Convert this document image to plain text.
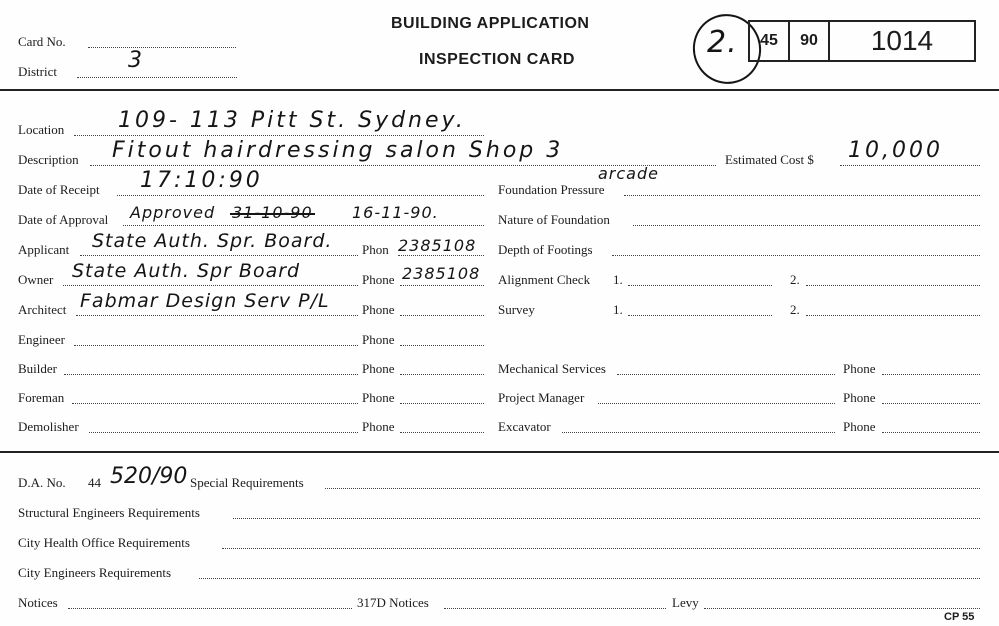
Card No.
District	3
BUILDING APPLICATION
INSPECTION CARD	2. 45 90 1014
Location 109- 113 Pitt St. Sydney.
Description Fitout hairdressing salon Shop 3
arcade
Estimated Cost $ 10,000
Date of Receipt 17:10:90
Date of Approval Approved 31-10-90 16-11-90.
Applicant State Auth. Spr. Board. Phon 2385108
Owner State Auth. Spr Board	Phone 2385108
Architect Fabmar Design Serv P/L Phone
Engineer	Phone
Builder	Phone
Foreman	Phone
Demolisher	Phone
Foundation Pressure
Nature of Foundation
Depth of Footings
Alignment Check 1.	2.
Survey	1.	2.
Mechanical Services	Phone
Project Manager	Phone
Excavator	Phone
D.A. No. 44 520/90 Special Requirements
Structural Engineers Requirements
City Health Office Requirements
City Engineers Requirements
Notices	317D Notices	Levy
CP 55
